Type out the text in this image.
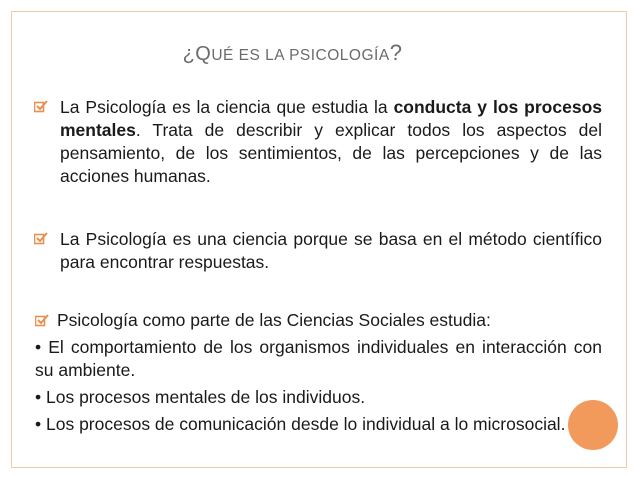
¿QUÉ ES LA PSICOLOGÍA?
La Psicología es la ciencia que estudia la conducta y los procesos mentales. Trata de describir y explicar todos los aspectos del pensamiento, de los sentimientos, de las percepciones y de las acciones humanas.
La Psicología es una ciencia porque se basa en el método científico para encontrar respuestas.
Psicología como parte de las Ciencias Sociales estudia:
• El comportamiento de los organismos individuales en interacción con su ambiente.
• Los procesos mentales de los individuos.
• Los procesos de comunicación desde lo individual a lo microsocial.
